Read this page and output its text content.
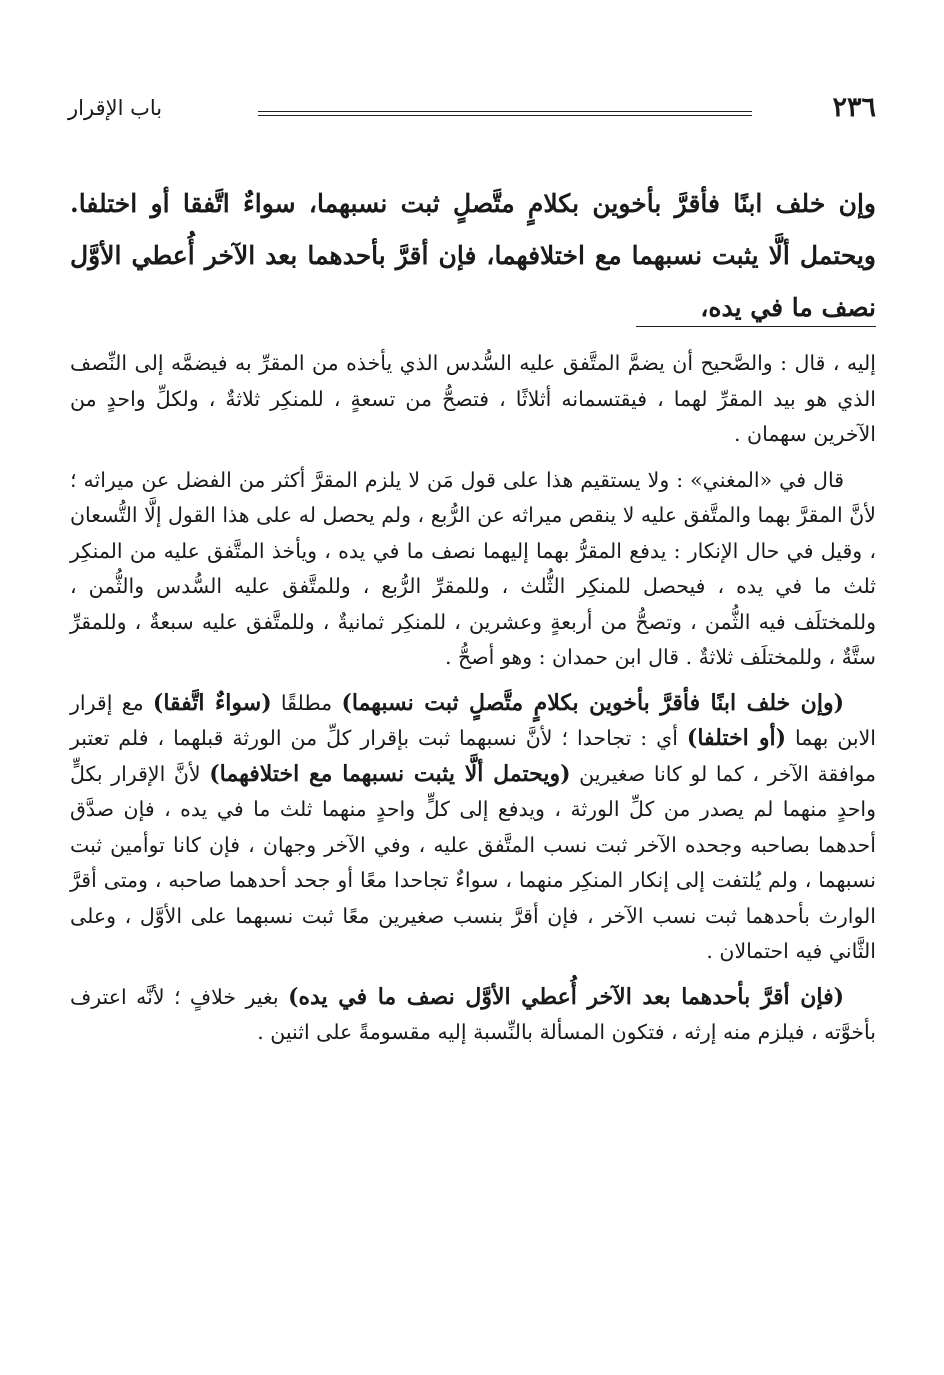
٢٣٦
باب الإقرار
وإن خلف ابنًا فأقرَّ بأخوين بكلامٍ متَّصلٍ ثبت نسبهما، سواءٌ اتَّفقا أو اختلفا. ويحتمل ألَّا يثبت نسبهما مع اختلافهما، فإن أقرَّ بأحدهما بعد الآخر أُعطي الأوَّل نصف ما في يده،

إليه ، قال : والصَّحيح أن يضمَّ المتَّفق عليه السُّدس الذي يأخذه من المقرِّ به فيضمَّه إلى النِّصف الذي هو بيد المقرِّ لهما ، فيقتسمانه أثلاثًا ، فتصحُّ من تسعةٍ ، للمنكِر ثلاثةٌ ، ولكلِّ واحدٍ من الآخرين سهمان .

قال في «المغني» : ولا يستقيم هذا على قول مَن لا يلزم المقرَّ أكثر من الفضل عن ميراثه ؛ لأنَّ المقرَّ بهما والمتَّفق عليه لا ينقص ميراثه عن الرُّبع ، ولم يحصل له على هذا القول إلَّا التُّسعان ، وقيل في حال الإنكار : يدفع المقرُّ بهما إليهما نصف ما في يده ، ويأخذ المتَّفق عليه من المنكِر ثلث ما في يده ، فيحصل للمنكِر الثُّلث ، وللمقرِّ الرُّبع ، وللمتَّفق عليه السُّدس والثُّمن ، وللمختلَف فيه الثُّمن ، وتصحُّ من أربعةٍ وعشرين ، للمنكِر ثمانيةٌ ، وللمتَّفق عليه سبعةٌ ، وللمقرِّ ستَّةٌ ، وللمختلَف ثلاثةٌ . قال ابن حمدان : وهو أصحُّ .

(وإن خلف ابنًا فأقرَّ بأخوين بكلامٍ متَّصلٍ ثبت نسبهما) مطلقًا (سواءٌ اتَّفقا) مع إقرار الابن بهما (أو اختلفا) أي : تجاحدا ؛ لأنَّ نسبهما ثبت بإقرار كلِّ من الورثة قبلهما ، فلم تعتبر موافقة الآخر ، كما لو كانا صغيرين (ويحتمل ألَّا يثبت نسبهما مع اختلافهما) لأنَّ الإقرار بكلٍّ واحدٍ منهما لم يصدر من كلِّ الورثة ، ويدفع إلى كلٍّ واحدٍ منهما ثلث ما في يده ، فإن صدَّق أحدهما بصاحبه وجحده الآخر ثبت نسب المتَّفق عليه ، وفي الآخر وجهان ، فإن كانا توأمين ثبت نسبهما ، ولم يُلتفت إلى إنكار المنكِر منهما ، سواءٌ تجاحدا معًا أو جحد أحدهما صاحبه ، ومتى أقرَّ الوارث بأحدهما ثبت نسب الآخر ، فإن أقرَّ بنسب صغيرين معًا ثبت نسبهما على الأوَّل ، وعلى الثَّاني فيه احتمالان .

(فإن أقرَّ بأحدهما بعد الآخر أُعطي الأوَّل نصف ما في يده) بغير خلافٍ ؛ لأنَّه اعترف بأخوَّته ، فيلزم منه إرثه ، فتكون المسألة بالنِّسبة إليه مقسومةً على اثنين .
